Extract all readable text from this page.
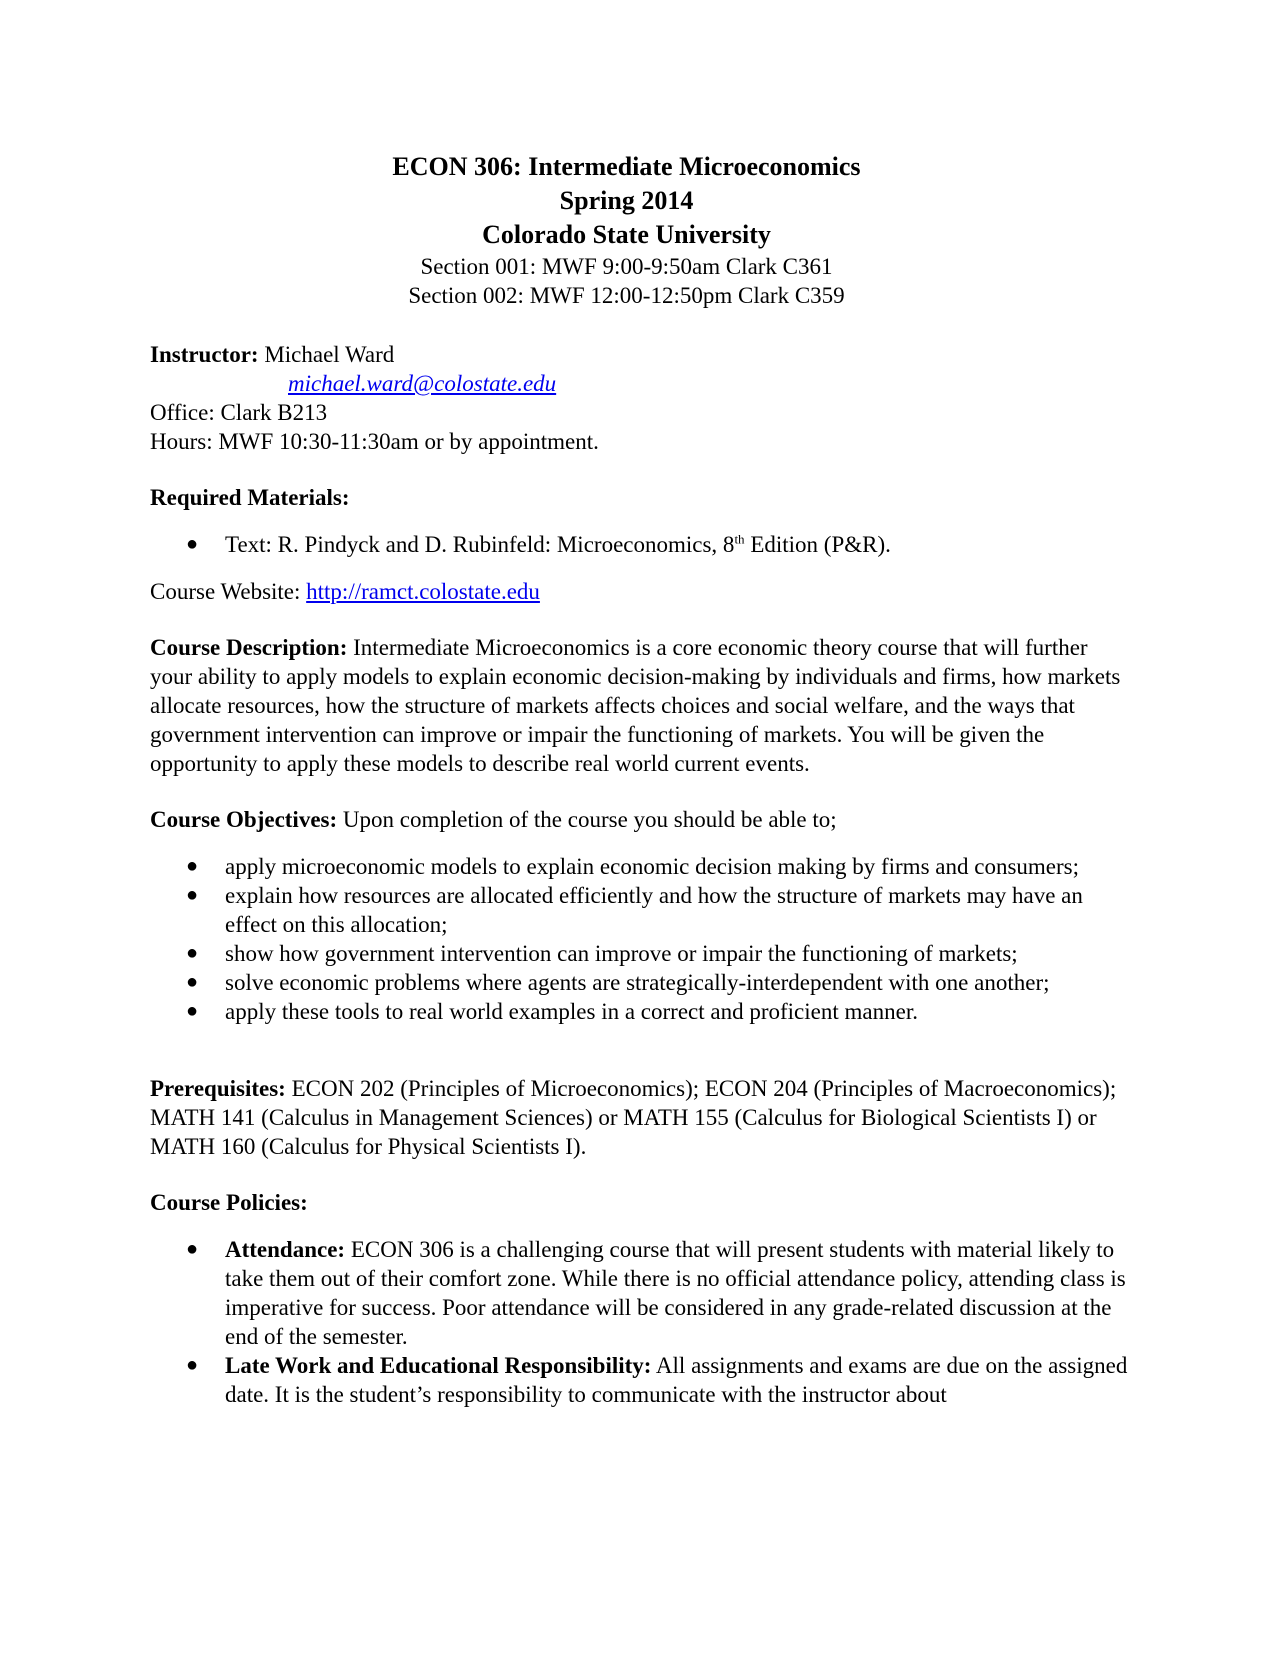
ECON 306: Intermediate Microeconomics
Spring 2014
Colorado State University
Section 001: MWF 9:00-9:50am Clark C361
Section 002: MWF 12:00-12:50pm Clark C359

Instructor: Michael Ward

michael.ward@colostate.edu

Office: Clark B213

Hours: MWF 10:30-11:30am or by appointment.

Required Materials:

● Text: R. Pindyck and D. Rubinfeld: Microeconomics, 8th Edition (P&R).

Course Website: http://ramct.colostate.edu

Course Description: Intermediate Microeconomics is a core economic theory course that will further your ability to apply models to explain economic decision-making by individuals and firms, how markets allocate resources, how the structure of markets affects choices and social welfare, and the ways that government intervention can improve or impair the functioning of markets. You will be given the opportunity to apply these models to describe real world current events.

Course Objectives: Upon completion of the course you should be able to;

● apply microeconomic models to explain economic decision making by firms and consumers;
● explain how resources are allocated efficiently and how the structure of markets may have an effect on this allocation;
● show how government intervention can improve or impair the functioning of markets;
● solve economic problems where agents are strategically-interdependent with one another;
● apply these tools to real world examples in a correct and proficient manner.

Prerequisites: ECON 202 (Principles of Microeconomics); ECON 204 (Principles of Macroeconomics); MATH 141 (Calculus in Management Sciences) or MATH 155 (Calculus for Biological Scientists I) or MATH 160 (Calculus for Physical Scientists I).

Course Policies:

● Attendance: ECON 306 is a challenging course that will present students with material likely to take them out of their comfort zone. While there is no official attendance policy, attending class is imperative for success. Poor attendance will be considered in any grade-related discussion at the end of the semester.
● Late Work and Educational Responsibility: All assignments and exams are due on the assigned date. It is the student’s responsibility to communicate with the instructor about
